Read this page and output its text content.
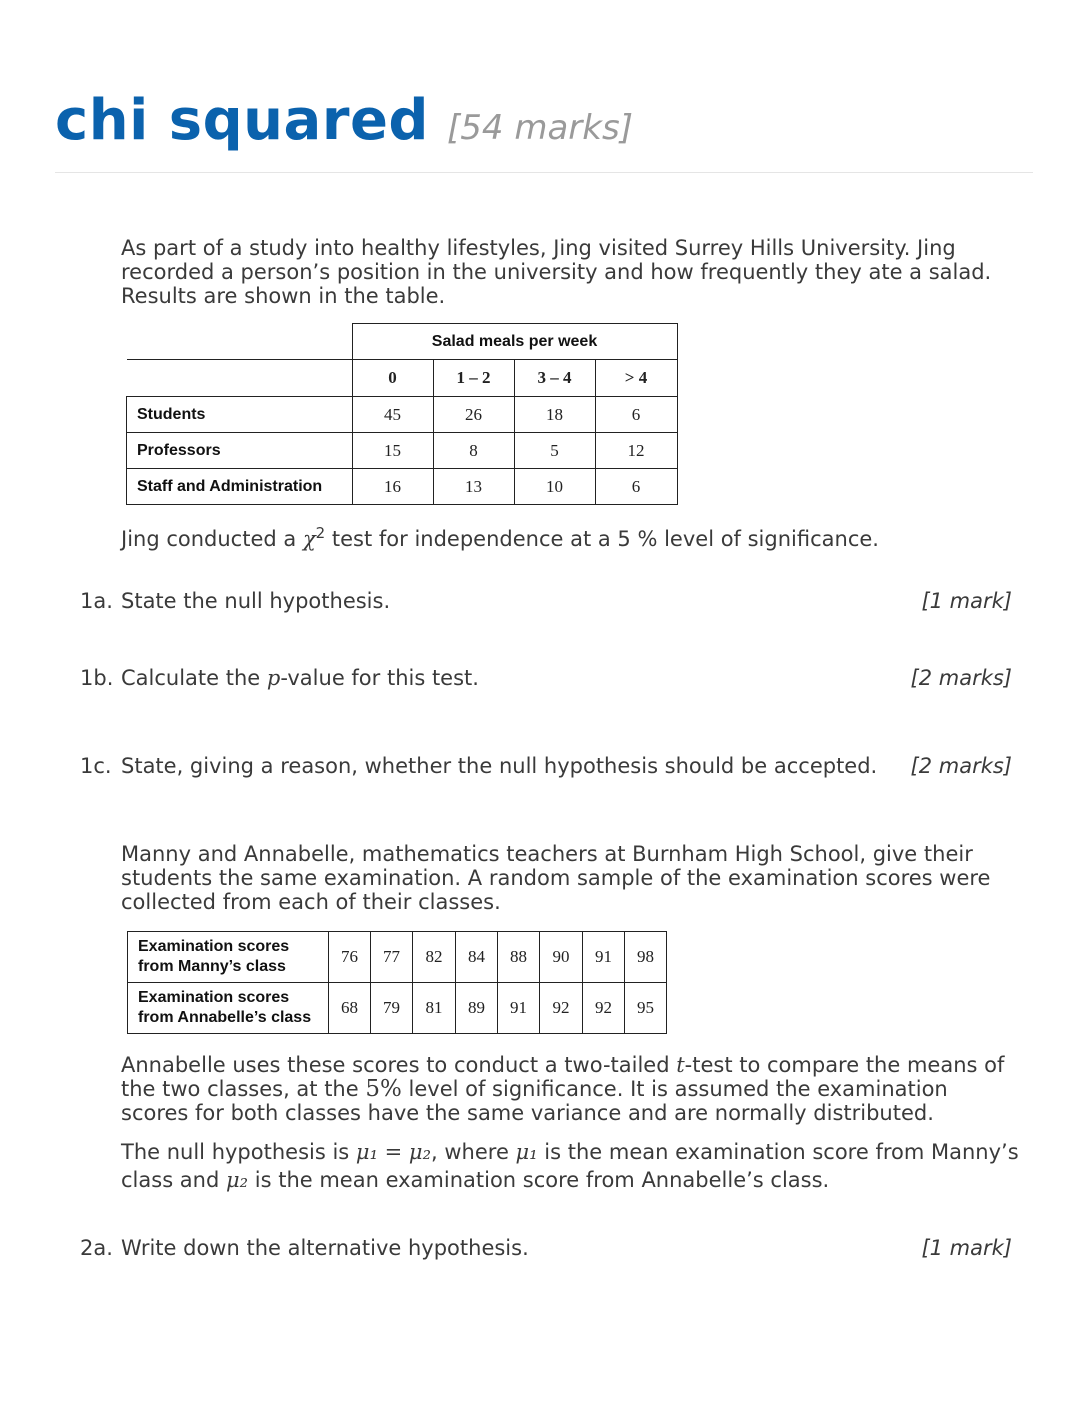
chi squared [54 marks]
As part of a study into healthy lifestyles, Jing visited Surrey Hills University. Jing recorded a person’s position in the university and how frequently they ate a salad. Results are shown in the table.
	Salad meals per week			
	0	1 – 2	3 – 4	> 4
Students	45	26	18	6
Professors	15	8	5	12
Staff and Administration	16	13	10	6
Jing conducted a $\chi^2$ test for independence at a 5 % level of significance.
1a. State the null hypothesis.	[1 mark]
1b. Calculate the p-value for this test.	[2 marks]
1c. State, giving a reason, whether the null hypothesis should be accepted. [2 marks]
Manny and Annabelle, mathematics teachers at Burnham High School, give their students the same examination. A random sample of the examination scores were collected from each of their classes.
Examination scores
from Manny’s class	76	77	82	84	88	90	91	98
Examination scores
from Annabelle’s class	68	79	81	89	91	92	92	95
Annabelle uses these scores to conduct a two-tailed t-test to compare the means of the two classes, at the 5% level of significance. It is assumed the examination scores for both classes have the same variance and are normally distributed.
The null hypothesis is μ₁ = μ₂, where μ₁ is the mean examination score from Manny’s class and μ₂ is the mean examination score from Annabelle’s class.
2a. Write down the alternative hypothesis.	[1 mark]
